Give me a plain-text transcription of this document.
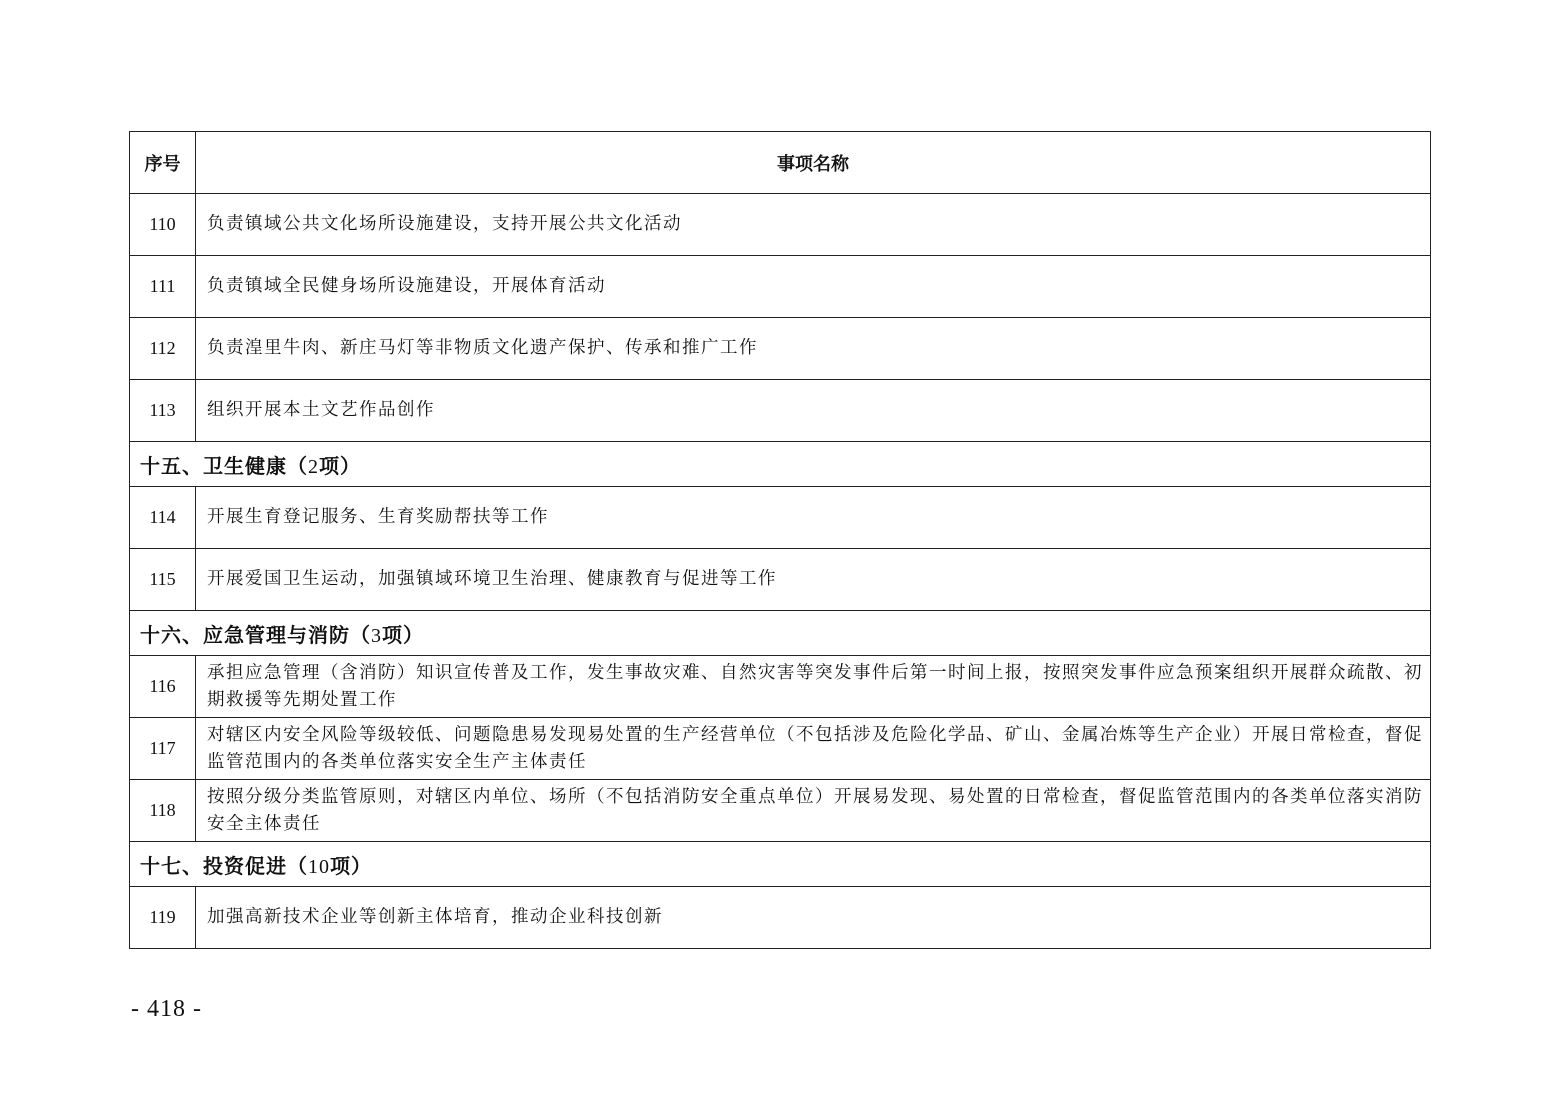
序号	事项名称
110	负责镇域公共文化场所设施建设，支持开展公共文化活动
111	负责镇域全民健身场所设施建设，开展体育活动
112	负责湟里牛肉、新庄马灯等非物质文化遗产保护、传承和推广工作
113	组织开展本土文艺作品创作
十五、卫生健康（2项）	
114	开展生育登记服务、生育奖励帮扶等工作
115	开展爱国卫生运动，加强镇域环境卫生治理、健康教育与促进等工作
十六、应急管理与消防（3项）	
116	承担应急管理（含消防）知识宣传普及工作，发生事故灾难、自然灾害等突发事件后第一时间上报，按照突发事件应急预案组织开展群众疏散、初期救援等先期处置工作
117	对辖区内安全风险等级较低、问题隐患易发现易处置的生产经营单位（不包括涉及危险化学品、矿山、金属冶炼等生产企业）开展日常检查，督促监管范围内的各类单位落实安全生产主体责任
118	按照分级分类监管原则，对辖区内单位、场所（不包括消防安全重点单位）开展易发现、易处置的日常检查，督促监管范围内的各类单位落实消防安全主体责任
十七、投资促进（10项）	
119	加强高新技术企业等创新主体培育，推动企业科技创新
- 418 -
